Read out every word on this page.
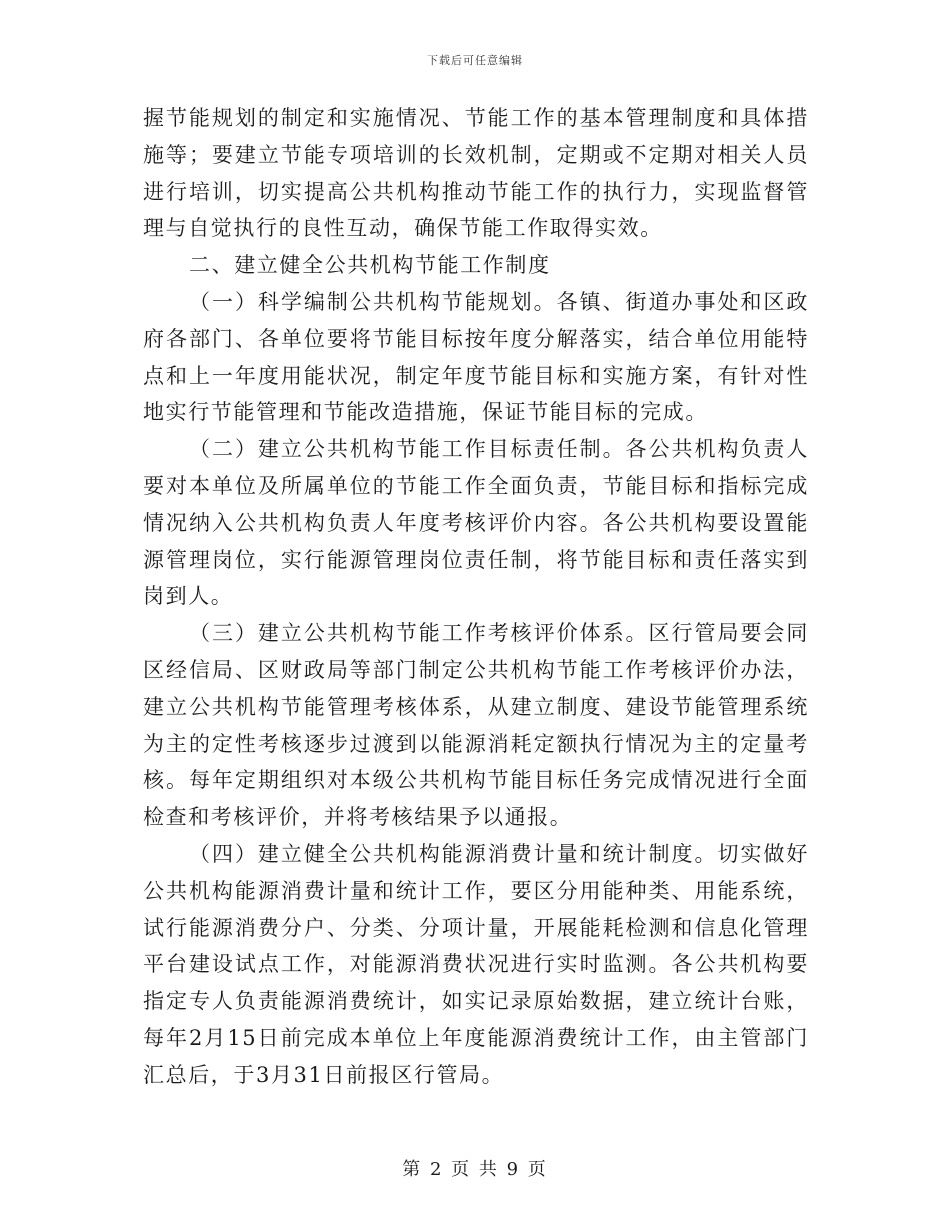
下载后可任意编辑

握节能规划的制定和实施情况、节能工作的基本管理制度和具体措施等；要建立节能专项培训的长效机制，定期或不定期对相关人员进行培训，切实提高公共机构推动节能工作的执行力，实现监督管理与自觉执行的良性互动，确保节能工作取得实效。

二、建立健全公共机构节能工作制度

（一）科学编制公共机构节能规划。各镇、街道办事处和区政府各部门、各单位要将节能目标按年度分解落实，结合单位用能特点和上一年度用能状况，制定年度节能目标和实施方案，有针对性地实行节能管理和节能改造措施，保证节能目标的完成。

（二）建立公共机构节能工作目标责任制。各公共机构负责人要对本单位及所属单位的节能工作全面负责，节能目标和指标完成情况纳入公共机构负责人年度考核评价内容。各公共机构要设置能源管理岗位，实行能源管理岗位责任制，将节能目标和责任落实到岗到人。

（三）建立公共机构节能工作考核评价体系。区行管局要会同区经信局、区财政局等部门制定公共机构节能工作考核评价办法，建立公共机构节能管理考核体系，从建立制度、建设节能管理系统为主的定性考核逐步过渡到以能源消耗定额执行情况为主的定量考核。每年定期组织对本级公共机构节能目标任务完成情况进行全面检查和考核评价，并将考核结果予以通报。

（四）建立健全公共机构能源消费计量和统计制度。切实做好公共机构能源消费计量和统计工作，要区分用能种类、用能系统，试行能源消费分户、分类、分项计量，开展能耗检测和信息化管理平台建设试点工作，对能源消费状况进行实时监测。各公共机构要指定专人负责能源消费统计，如实记录原始数据，建立统计台账，每年2月15日前完成本单位上年度能源消费统计工作，由主管部门汇总后，于3月31日前报区行管局。

第 2 页 共 9 页
